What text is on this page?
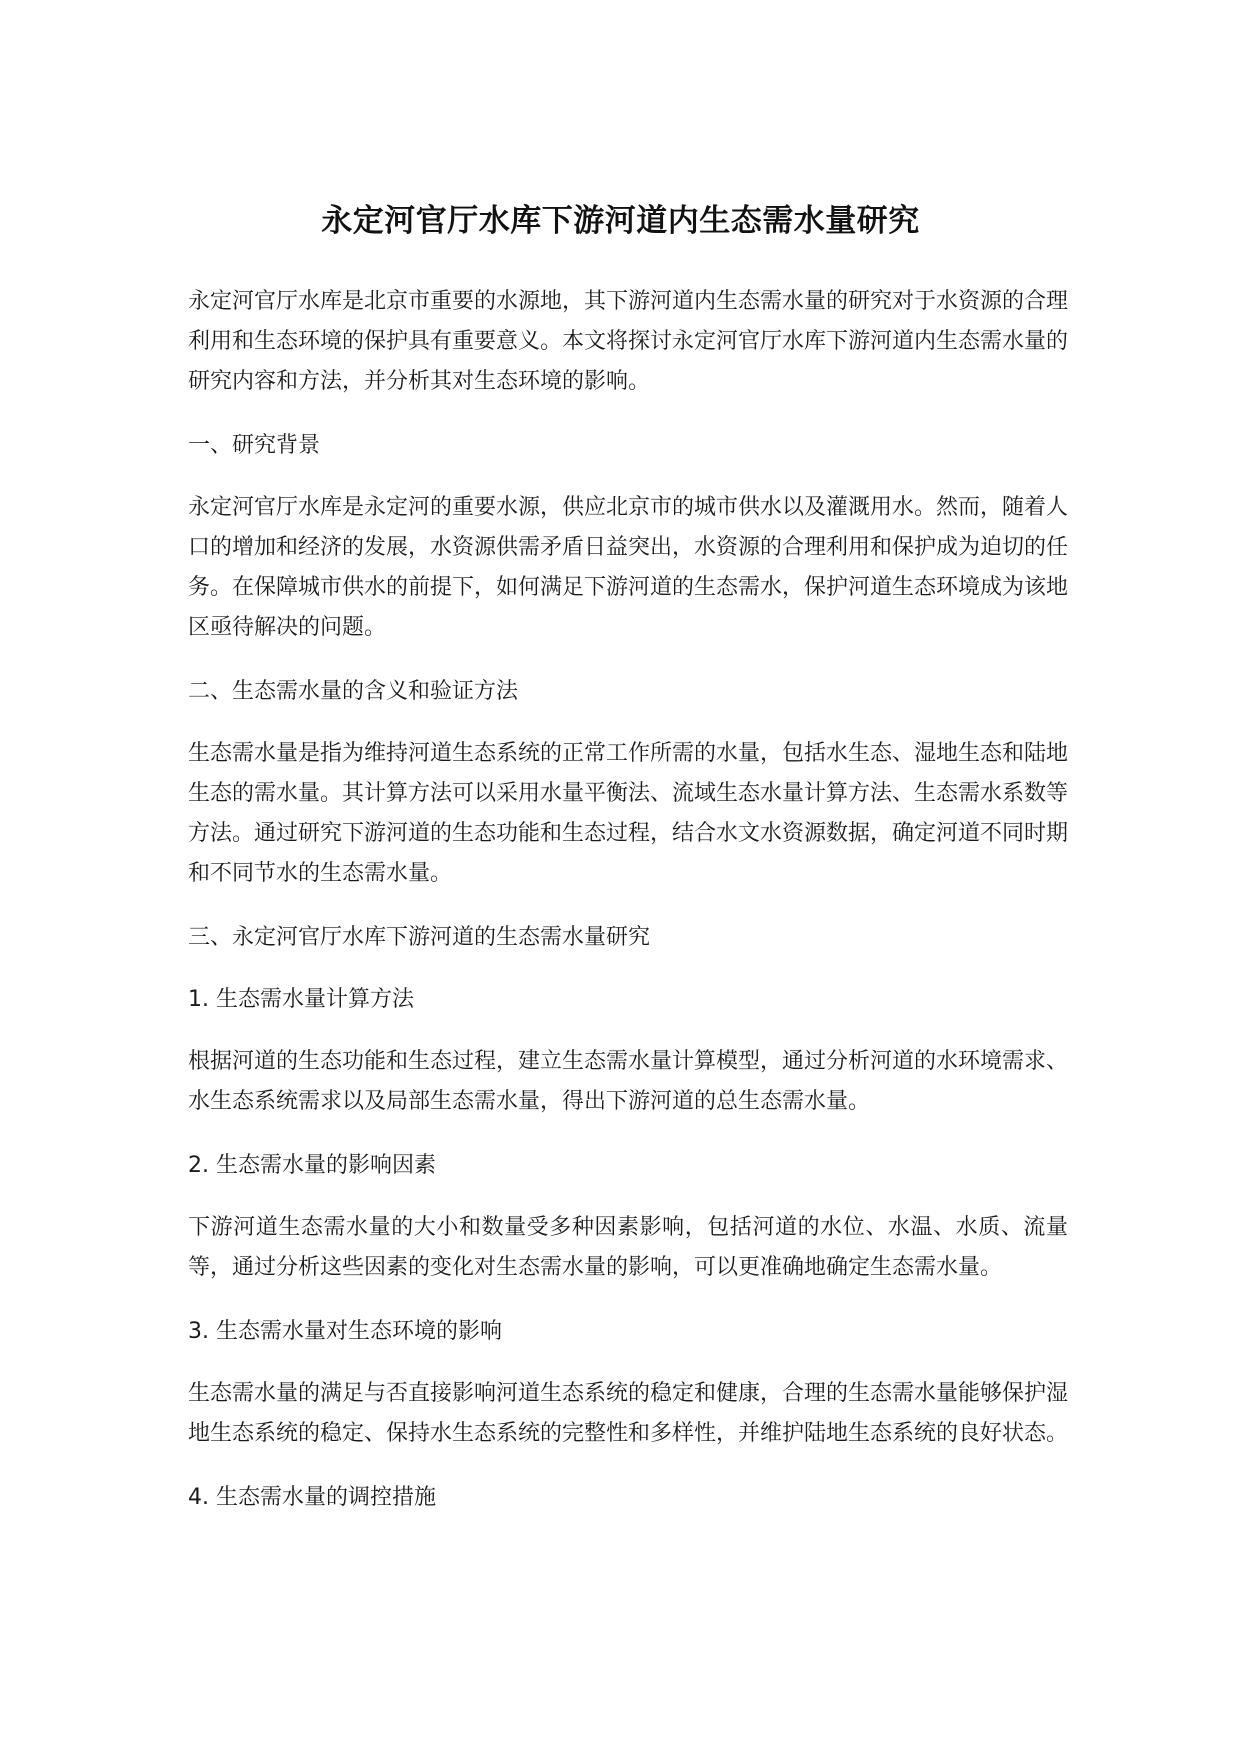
永定河官厅水库下游河道内生态需水量研究

永定河官厅水库是北京市重要的水源地，其下游河道内生态需水量的研究对于水资源的合理利用和生态环境的保护具有重要意义。本文将探讨永定河官厅水库下游河道内生态需水量的研究内容和方法，并分析其对生态环境的影响。

一、研究背景

永定河官厅水库是永定河的重要水源，供应北京市的城市供水以及灌溉用水。然而，随着人口的增加和经济的发展，水资源供需矛盾日益突出，水资源的合理利用和保护成为迫切的任务。在保障城市供水的前提下，如何满足下游河道的生态需水，保护河道生态环境成为该地区亟待解决的问题。

二、生态需水量的含义和验证方法

生态需水量是指为维持河道生态系统的正常工作所需的水量，包括水生态、湿地生态和陆地生态的需水量。其计算方法可以采用水量平衡法、流域生态水量计算方法、生态需水系数等方法。通过研究下游河道的生态功能和生态过程，结合水文水资源数据，确定河道不同时期和不同节水的生态需水量。

三、永定河官厅水库下游河道的生态需水量研究

1. 生态需水量计算方法

根据河道的生态功能和生态过程，建立生态需水量计算模型，通过分析河道的水环境需求、水生态系统需求以及局部生态需水量，得出下游河道的总生态需水量。

2. 生态需水量的影响因素

下游河道生态需水量的大小和数量受多种因素影响，包括河道的水位、水温、水质、流量等，通过分析这些因素的变化对生态需水量的影响，可以更准确地确定生态需水量。

3. 生态需水量对生态环境的影响

生态需水量的满足与否直接影响河道生态系统的稳定和健康，合理的生态需水量能够保护湿地生态系统的稳定、保持水生态系统的完整性和多样性，并维护陆地生态系统的良好状态。

4. 生态需水量的调控措施
